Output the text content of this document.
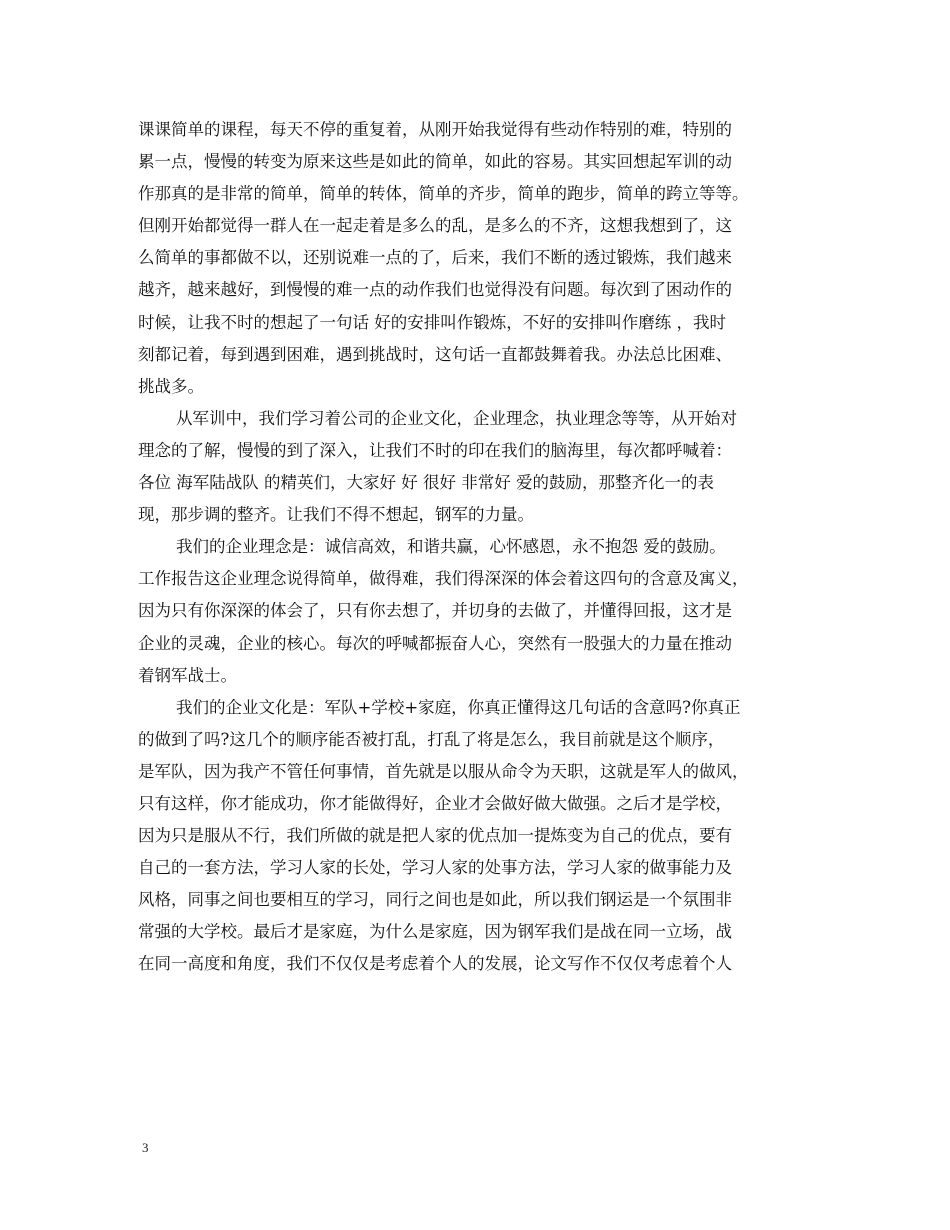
课课简单的课程，每天不停的重复着，从刚开始我觉得有些动作特别的难，特别的
累一点，慢慢的转变为原来这些是如此的简单，如此的容易。其实回想起军训的动
作那真的是非常的简单，简单的转体，简单的齐步，简单的跑步，简单的跨立等等。
但刚开始都觉得一群人在一起走着是多么的乱，是多么的不齐，这想我想到了，这
么简单的事都做不以，还别说难一点的了，后来，我们不断的透过锻炼，我们越来
越齐，越来越好，到慢慢的难一点的动作我们也觉得没有问题。每次到了困动作的
时候，让我不时的想起了一句话 好的安排叫作锻炼，不好的安排叫作磨练 ，我时
刻都记着，每到遇到困难，遇到挑战时，这句话一直都鼓舞着我。办法总比困难、
挑战多。
从军训中，我们学习着公司的企业文化，企业理念，执业理念等等，从开始对
理念的了解，慢慢的到了深入，让我们不时的印在我们的脑海里，每次都呼喊着：
各位 海军陆战队 的精英们，大家好 好 很好 非常好 爱的鼓励，那整齐化一的表
现，那步调的整齐。让我们不得不想起，钢军的力量。
我们的企业理念是：诚信高效，和谐共赢，心怀感恩，永不抱怨 爱的鼓励。
工作报告这企业理念说得简单，做得难，我们得深深的体会着这四句的含意及寓义，
因为只有你深深的体会了，只有你去想了，并切身的去做了，并懂得回报，这才是
企业的灵魂，企业的核心。每次的呼喊都振奋人心，突然有一股强大的力量在推动
着钢军战士。
我们的企业文化是：军队+学校+家庭，你真正懂得这几句话的含意吗?你真正
的做到了吗?这几个的顺序能否被打乱，打乱了将是怎么，我目前就是这个顺序，
是军队，因为我产不管任何事情，首先就是以服从命令为天职，这就是军人的做风，
只有这样，你才能成功，你才能做得好，企业才会做好做大做强。之后才是学校，
因为只是服从不行，我们所做的就是把人家的优点加一提炼变为自己的优点，要有
自己的一套方法，学习人家的长处，学习人家的处事方法，学习人家的做事能力及
风格，同事之间也要相互的学习，同行之间也是如此，所以我们钢运是一个氛围非
常强的大学校。最后才是家庭，为什么是家庭，因为钢军我们是战在同一立场，战
在同一高度和角度，我们不仅仅是考虑着个人的发展，论文写作不仅仅考虑着个人
3
